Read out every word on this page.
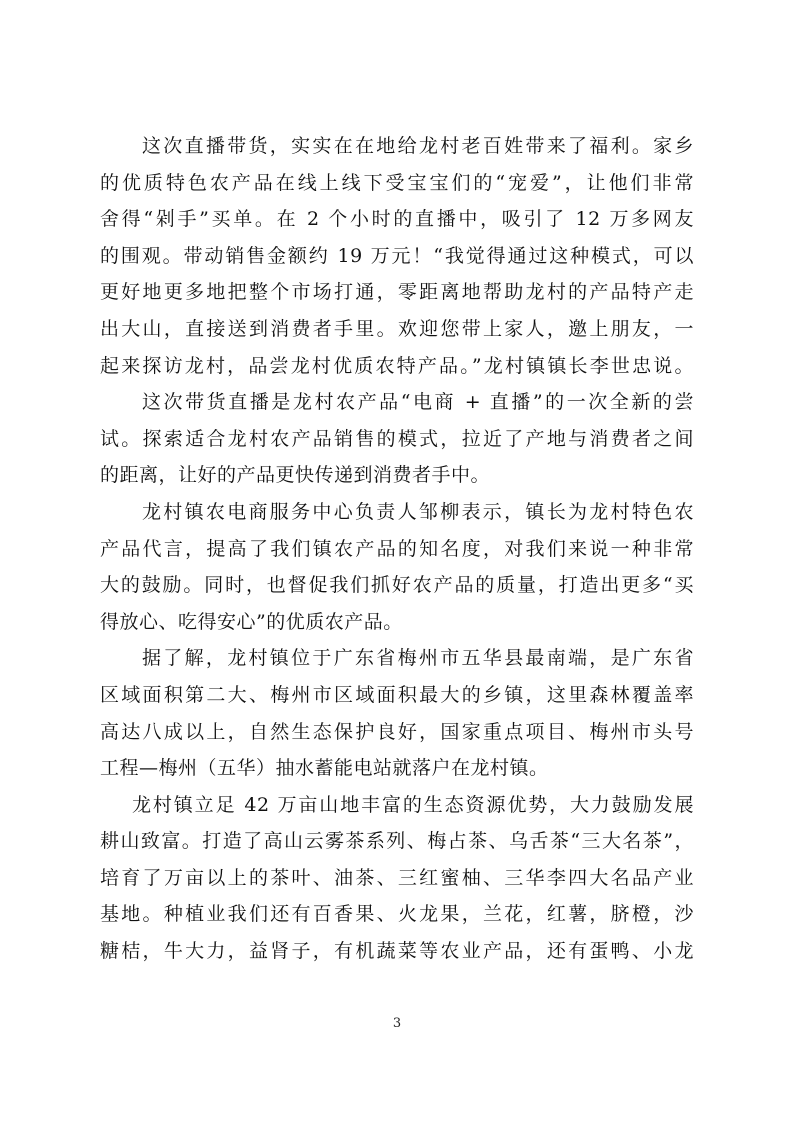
这次直播带货，实实在在地给龙村老百姓带来了福利。家乡
的优质特色农产品在线上线下受宝宝们的“宠爱”，让他们非常
舍得“剁手”买单。在 2 个小时的直播中，吸引了 12 万多网友
的围观。带动销售金额约 19 万元！“我觉得通过这种模式，可以
更好地更多地把整个市场打通，零距离地帮助龙村的产品特产走
出大山，直接送到消费者手里。欢迎您带上家人，邀上朋友，一
起来探访龙村，品尝龙村优质农特产品。”龙村镇镇长李世忠说。
这次带货直播是龙村农产品“电商 + 直播”的一次全新的尝
试。探索适合龙村农产品销售的模式，拉近了产地与消费者之间
的距离，让好的产品更快传递到消费者手中。
龙村镇农电商服务中心负责人邹柳表示，镇长为龙村特色农
产品代言，提高了我们镇农产品的知名度，对我们来说一种非常
大的鼓励。同时，也督促我们抓好农产品的质量，打造出更多“买
得放心、吃得安心”的优质农产品。
据了解，龙村镇位于广东省梅州市五华县最南端，是广东省
区域面积第二大、梅州市区域面积最大的乡镇，这里森林覆盖率
高达八成以上，自然生态保护良好，国家重点项目、梅州市头号
工程—梅州（五华）抽水蓄能电站就落户在龙村镇。
龙村镇立足 42 万亩山地丰富的生态资源优势，大力鼓励发展
耕山致富。打造了高山云雾茶系列、梅占茶、乌舌茶“三大名茶”，
培育了万亩以上的茶叶、油茶、三红蜜柚、三华李四大名品产业
基地。种植业我们还有百香果、火龙果，兰花，红薯，脐橙，沙
糖桔，牛大力，益肾子，有机蔬菜等农业产品，还有蛋鸭、小龙
3
